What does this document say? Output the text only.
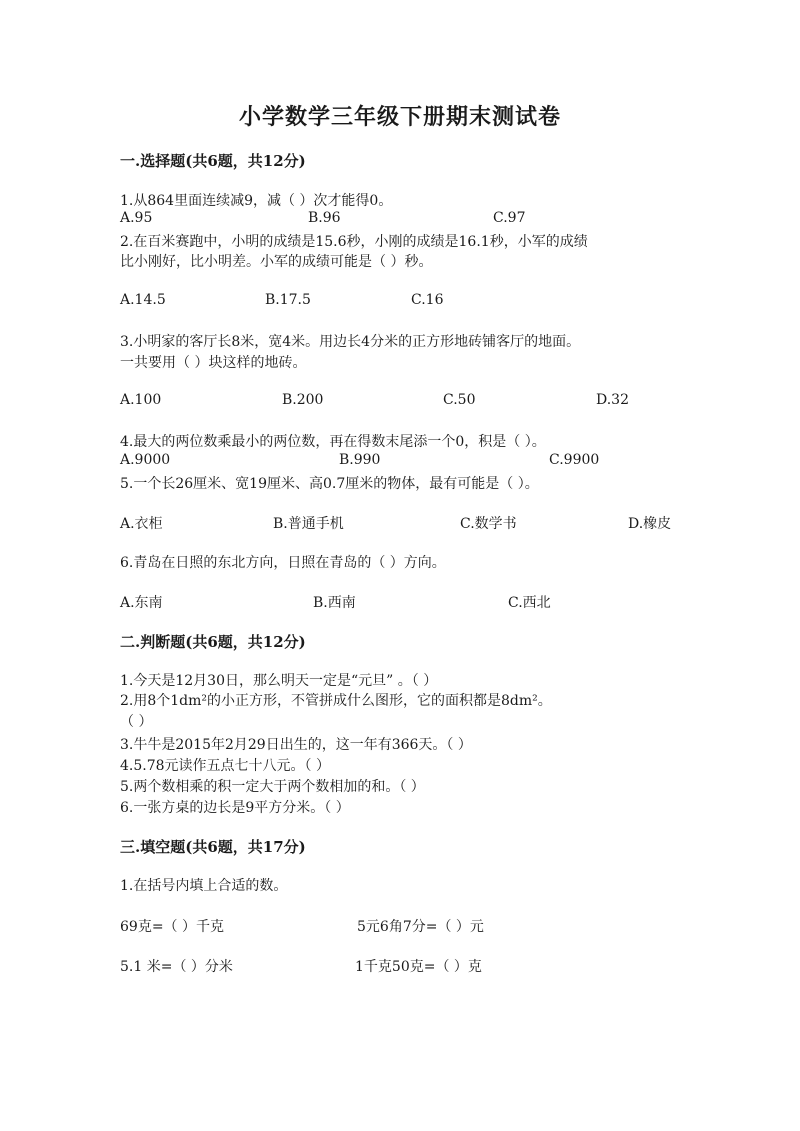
小学数学三年级下册期末测试卷
一.选择题(共6题，共12分)
1.从864里面连续减9，减（ ）次才能得0。
A.95	B.96	C.97
2.在百米赛跑中，小明的成绩是15.6秒，小刚的成绩是16.1秒，小军的成绩
比小刚好，比小明差。小军的成绩可能是（ ）秒。
A.14.5	B.17.5	C.16
3.小明家的客厅长8米，宽4米。用边长4分米的正方形地砖铺客厅的地面。
一共要用（ ）块这样的地砖。
A.100	B.200	C.50	D.32
4.最大的两位数乘最小的两位数，再在得数末尾添一个0，积是（ ）。
A.9000	B.990	C.9900
5.一个长26厘米、宽19厘米、高0.7厘米的物体，最有可能是（ ）。
A.衣柜	B.普通手机	C.数学书	D.橡皮
6.青岛在日照的东北方向，日照在青岛的（ ）方向。
A.东南	B.西南	C.西北
二.判断题(共6题，共12分)
1.今天是12月30日，那么明天一定是“元旦” 。（ ）
2.用8个1dm²的小正方形，不管拼成什么图形，它的面积都是8dm²。
（ ）
3.牛牛是2015年2月29日出生的，这一年有366天。（ ）
4.5.78元读作五点七十八元。（ ）
5.两个数相乘的积一定大于两个数相加的和。（ ）
6.一张方桌的边长是9平方分米。（ ）
三.填空题(共6题，共17分)
1.在括号内填上合适的数。
69克=（ ）千克	5元6角7分=（ ）元
5.1 米=（ ）分米	1千克50克=（ ）克
